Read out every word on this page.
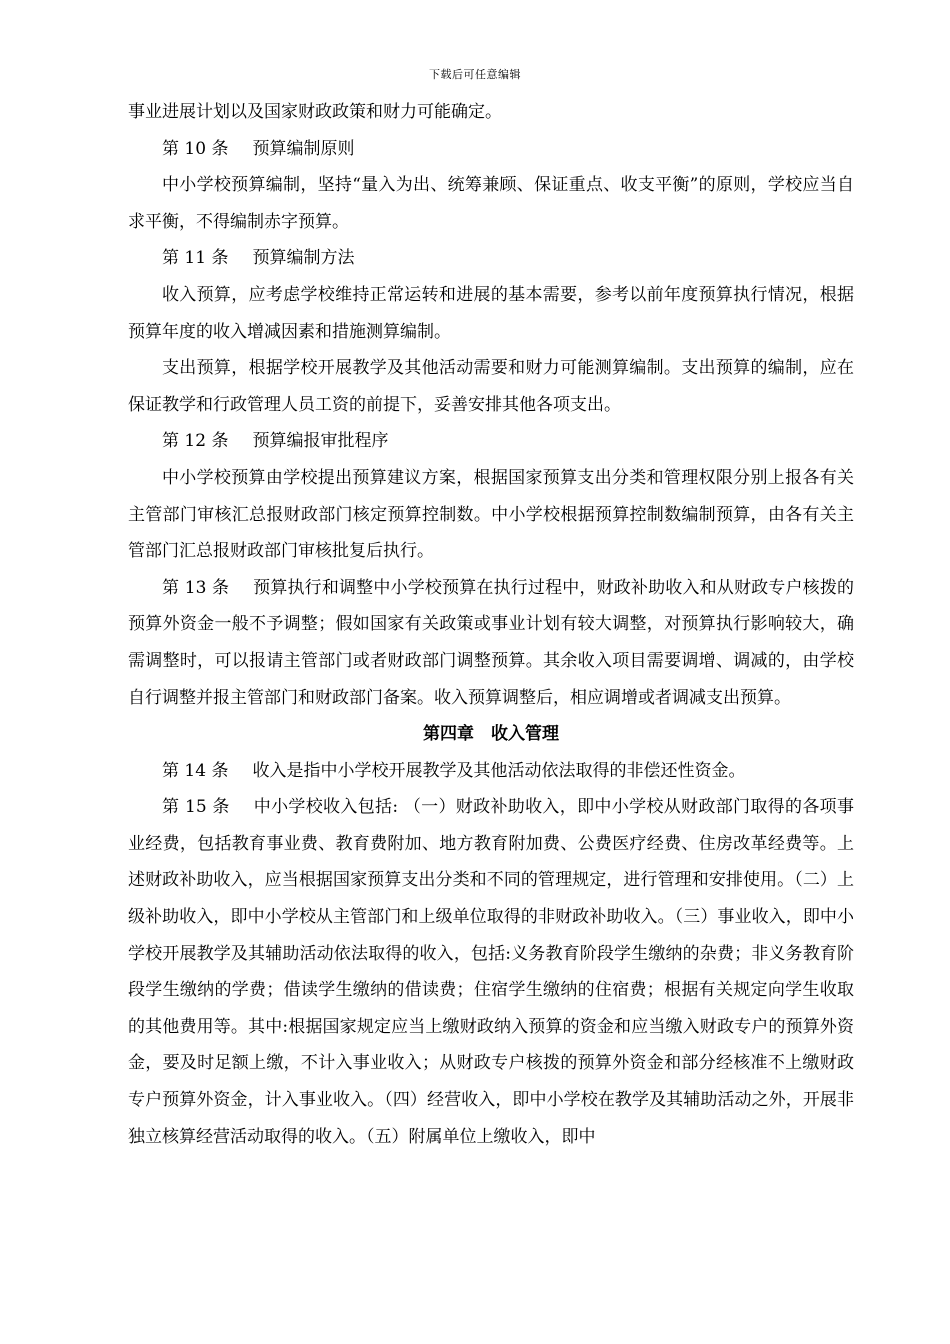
下载后可任意编辑

事业进展计划以及国家财政政策和财力可能确定。

第 10 条 预算编制原则

中小学校预算编制，坚持“量入为出、统筹兼顾、保证重点、收支平衡”的原则，学校应当自求平衡，不得编制赤字预算。

第 11 条 预算编制方法

收入预算，应考虑学校维持正常运转和进展的基本需要，参考以前年度预算执行情况，根据预算年度的收入增减因素和措施测算编制。

支出预算，根据学校开展教学及其他活动需要和财力可能测算编制。支出预算的编制，应在保证教学和行政管理人员工资的前提下，妥善安排其他各项支出。

第 12 条 预算编报审批程序

中小学校预算由学校提出预算建议方案，根据国家预算支出分类和管理权限分别上报各有关主管部门审核汇总报财政部门核定预算控制数。中小学校根据预算控制数编制预算，由各有关主管部门汇总报财政部门审核批复后执行。

第 13 条 预算执行和调整中小学校预算在执行过程中，财政补助收入和从财政专户核拨的预算外资金一般不予调整；假如国家有关政策或事业计划有较大调整，对预算执行影响较大，确需调整时，可以报请主管部门或者财政部门调整预算。其余收入项目需要调增、调减的，由学校自行调整并报主管部门和财政部门备案。收入预算调整后，相应调增或者调减支出预算。

第四章　收入管理

第 14 条 收入是指中小学校开展教学及其他活动依法取得的非偿还性资金。

第 15 条 中小学校收入包括: （一）财政补助收入，即中小学校从财政部门取得的各项事业经费，包括教育事业费、教育费附加、地方教育附加费、公费医疗经费、住房改革经费等。上述财政补助收入，应当根据国家预算支出分类和不同的管理规定，进行管理和安排使用。（二）上级补助收入，即中小学校从主管部门和上级单位取得的非财政补助收入。（三）事业收入，即中小学校开展教学及其辅助活动依法取得的收入，包括:义务教育阶段学生缴纳的杂费；非义务教育阶段学生缴纳的学费；借读学生缴纳的借读费；住宿学生缴纳的住宿费；根据有关规定向学生收取的其他费用等。其中:根据国家规定应当上缴财政纳入预算的资金和应当缴入财政专户的预算外资金，要及时足额上缴，不计入事业收入；从财政专户核拨的预算外资金和部分经核准不上缴财政专户预算外资金，计入事业收入。（四）经营收入，即中小学校在教学及其辅助活动之外，开展非独立核算经营活动取得的收入。（五）附属单位上缴收入，即中
